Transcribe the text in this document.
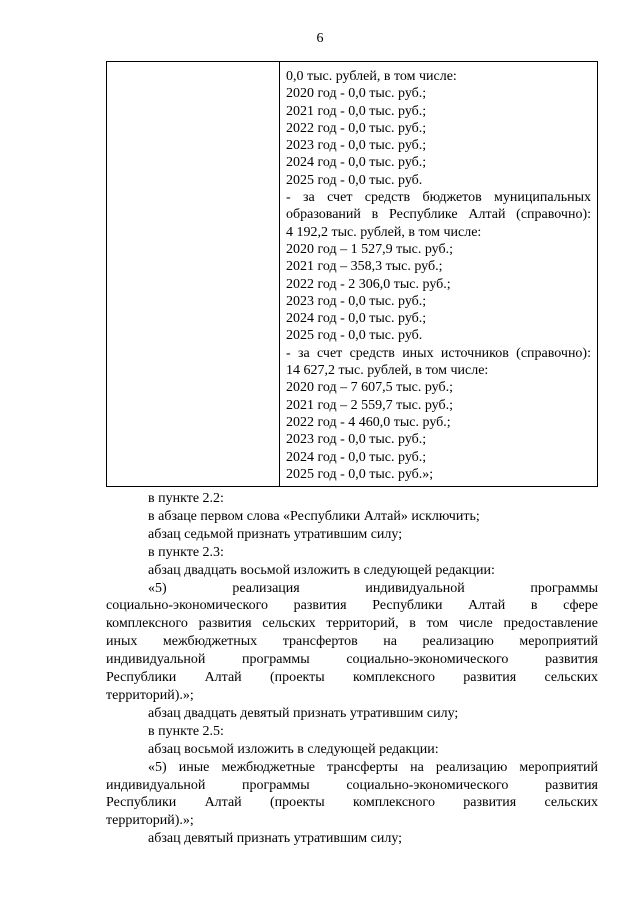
6
0,0 тыс. рублей, в том числе:
2020 год - 0,0 тыс. руб.;
2021 год - 0,0 тыс. руб.;
2022 год - 0,0 тыс. руб.;
2023 год - 0,0 тыс. руб.;
2024 год - 0,0 тыс. руб.;
2025 год - 0,0 тыс. руб.
- за счет средств бюджетов муниципальных
образований в Республике Алтай (справочно):
4 192,2 тыс. рублей, в том числе:
2020 год – 1 527,9 тыс. руб.;
2021 год – 358,3 тыс. руб.;
2022 год - 2 306,0 тыс. руб.;
2023 год - 0,0 тыс. руб.;
2024 год - 0,0 тыс. руб.;
2025 год - 0,0 тыс. руб.
- за счет средств иных источников (справочно):
14 627,2 тыс. рублей, в том числе:
2020 год – 7 607,5 тыс. руб.;
2021 год – 2 559,7 тыс. руб.;
2022 год - 4 460,0 тыс. руб.;
2023 год - 0,0 тыс. руб.;
2024 год - 0,0 тыс. руб.;
2025 год - 0,0 тыс. руб.»;
в пункте 2.2:
в абзаце первом слова «Республики Алтай» исключить;
абзац седьмой признать утратившим силу;
в пункте 2.3:
абзац двадцать восьмой изложить в следующей редакции:
«5) реализация индивидуальной программы
социально-экономического развития Республики Алтай в сфере
комплексного развития сельских территорий, в том числе предоставление
иных межбюджетных трансфертов на реализацию мероприятий
индивидуальной программы социально-экономического развития
Республики Алтай (проекты комплексного развития сельских
территорий).»;
абзац двадцать девятый признать утратившим силу;
в пункте 2.5:
абзац восьмой изложить в следующей редакции:
«5) иные межбюджетные трансферты на реализацию мероприятий
индивидуальной программы социально-экономического развития
Республики Алтай (проекты комплексного развития сельских
территорий).»;
абзац девятый признать утратившим силу;
